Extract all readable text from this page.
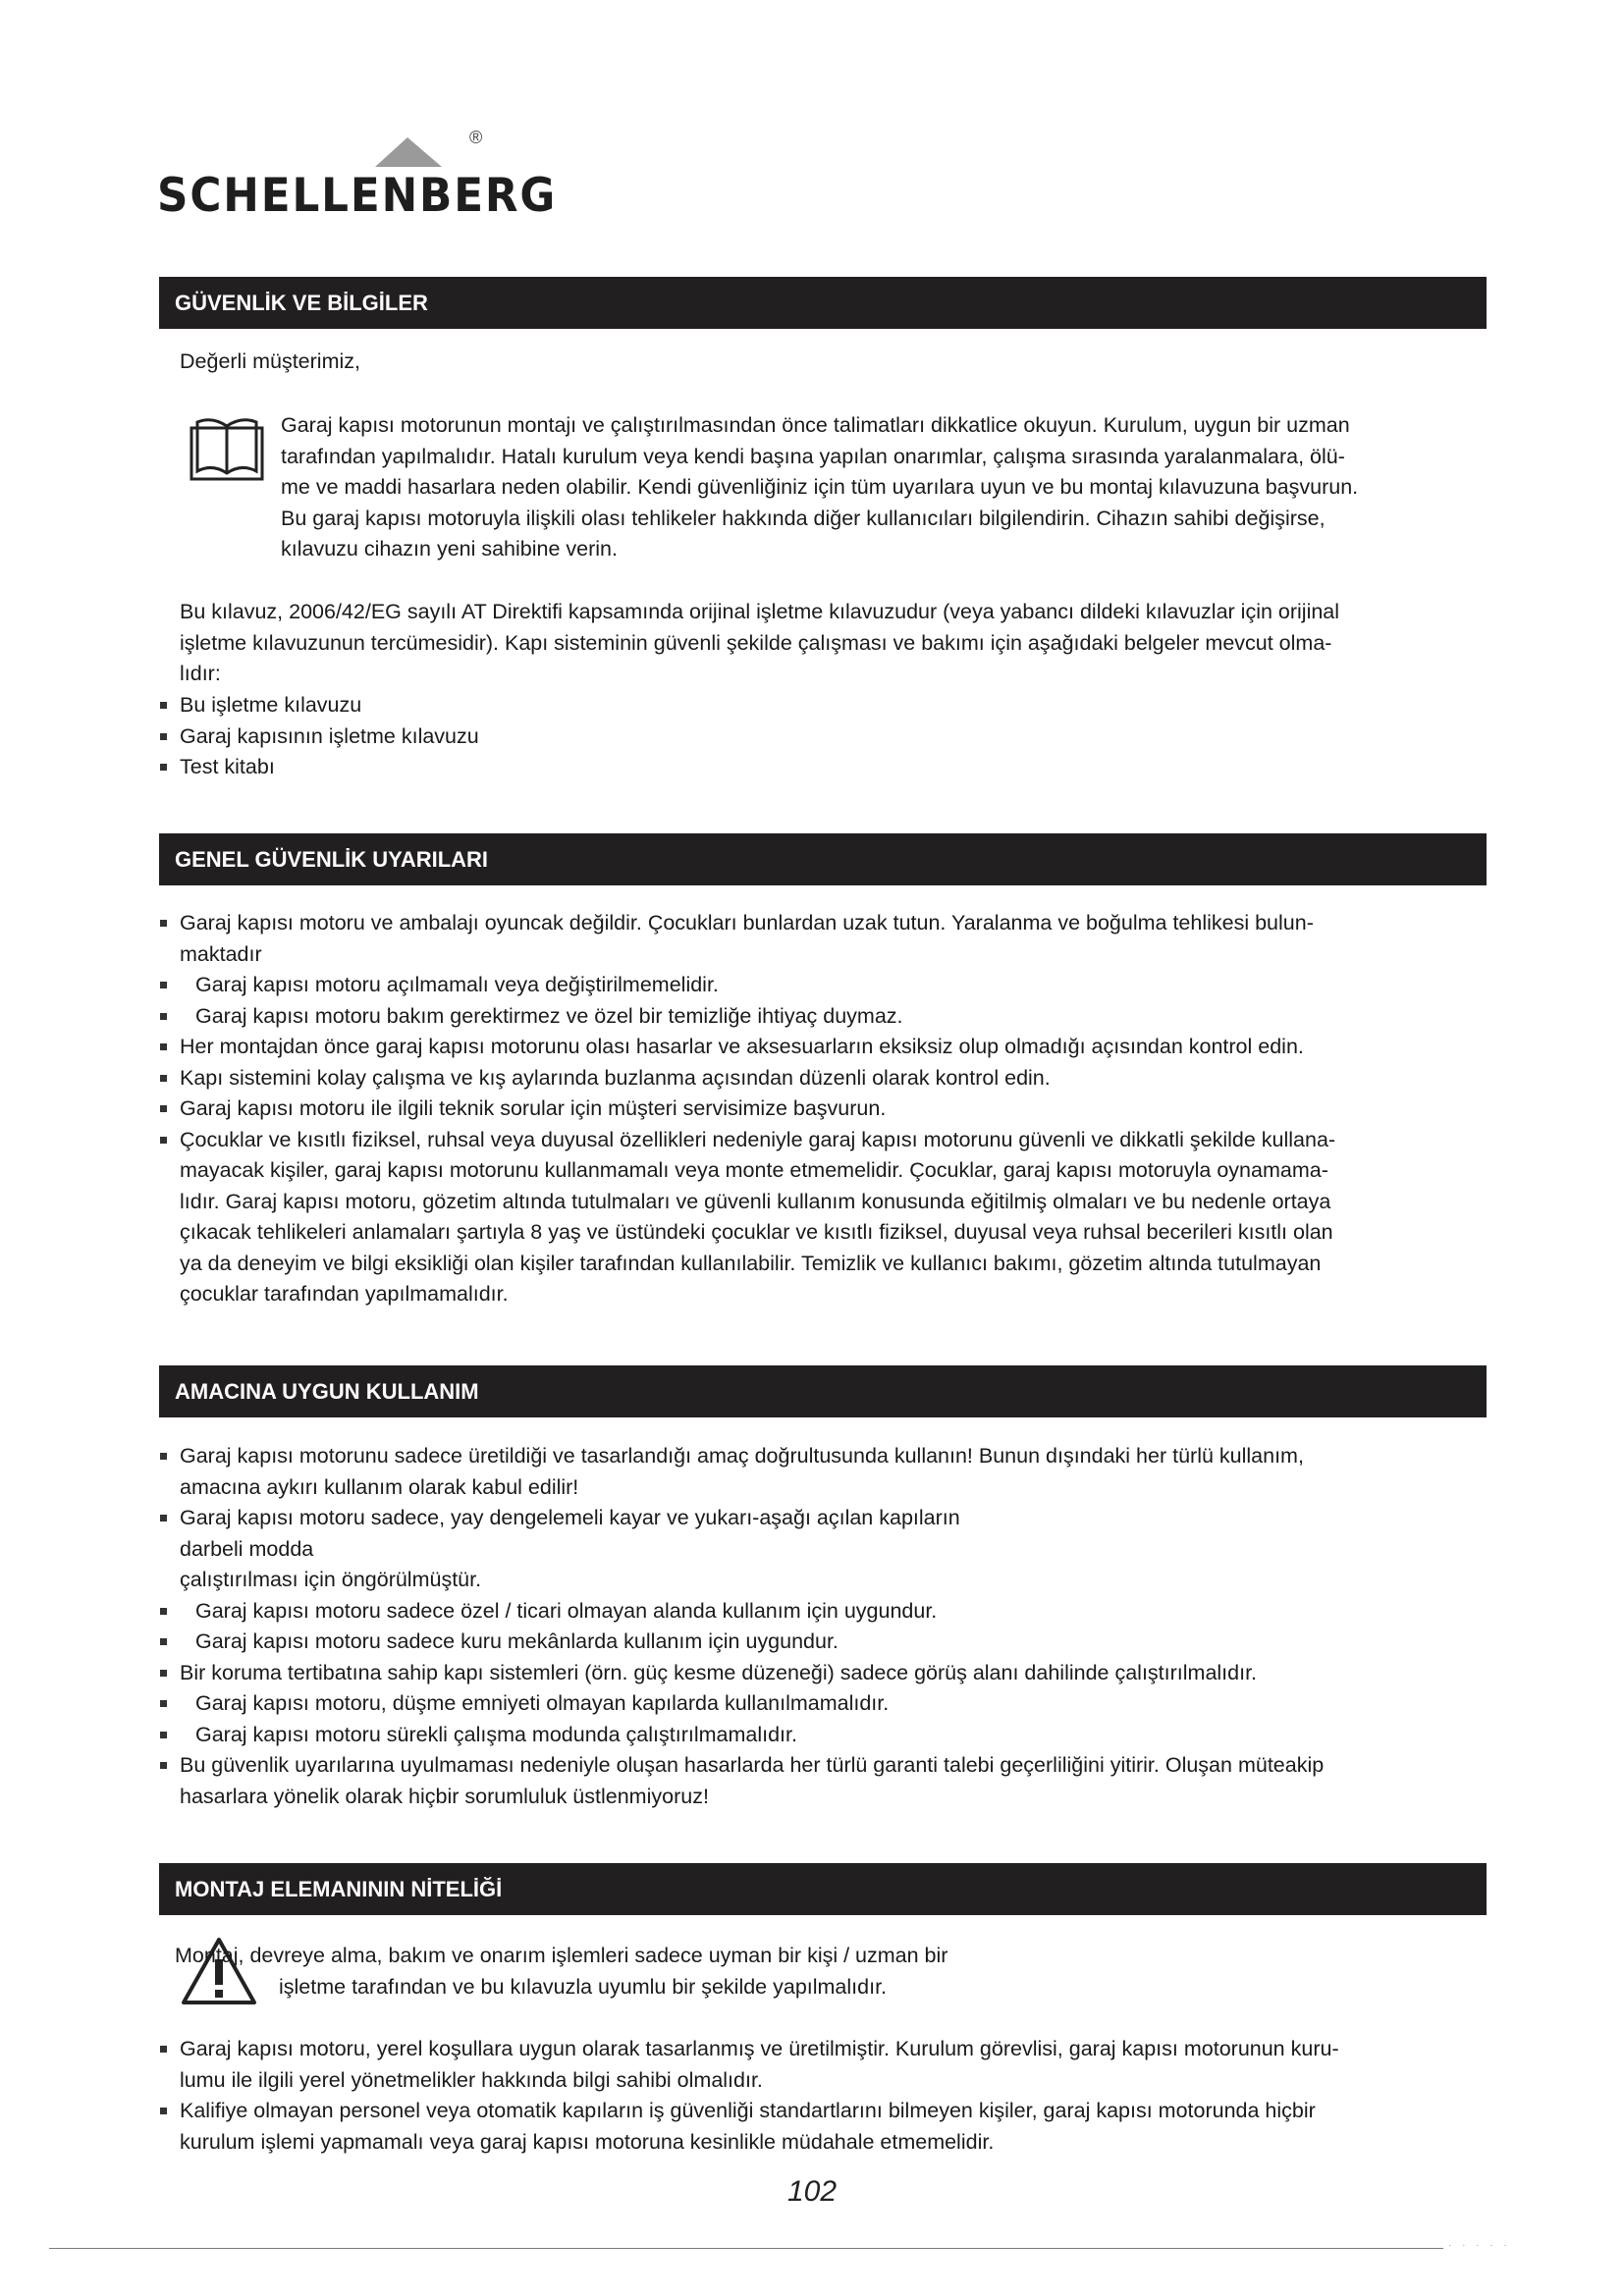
®
SCHELLENBERG
GÜVENLİK VE BİLGİLER

Değerli müşterimiz,

Garaj kapısı motorunun montajı ve çalıştırılmasından önce talimatları dikkatlice okuyun. Kurulum, uygun bir uzman
tarafından yapılmalıdır. Hatalı kurulum veya kendi başına yapılan onarımlar, çalışma sırasında yaralanmalara, ölü-
me ve maddi hasarlara neden olabilir. Kendi güvenliğiniz için tüm uyarılara uyun ve bu montaj kılavuzuna başvurun.
Bu garaj kapısı motoruyla ilişkili olası tehlikeler hakkında diğer kullanıcıları bilgilendirin. Cihazın sahibi değişirse,
kılavuzu cihazın yeni sahibine verin.
Bu kılavuz, 2006/42/EG sayılı AT Direktifi kapsamında orijinal işletme kılavuzudur (veya yabancı dildeki kılavuzlar için orijinal
işletme kılavuzunun tercümesidir). Kapı sisteminin güvenli şekilde çalışması ve bakımı için aşağıdaki belgeler mevcut olma-
lıdır:
Bu işletme kılavuzu
Garaj kapısının işletme kılavuzu
Test kitabı
GENEL GÜVENLİK UYARILARI
Garaj kapısı motoru ve ambalajı oyuncak değildir. Çocukları bunlardan uzak tutun. Yaralanma ve boğulma tehlikesi bulun-
maktadır
Garaj kapısı motoru açılmamalı veya değiştirilmemelidir.
Garaj kapısı motoru bakım gerektirmez ve özel bir temizliğe ihtiyaç duymaz.
Her montajdan önce garaj kapısı motorunu olası hasarlar ve aksesuarların eksiksiz olup olmadığı açısından kontrol edin.
Kapı sistemini kolay çalışma ve kış aylarında buzlanma açısından düzenli olarak kontrol edin.
Garaj kapısı motoru ile ilgili teknik sorular için müşteri servisimize başvurun.
Çocuklar ve kısıtlı fiziksel, ruhsal veya duyusal özellikleri nedeniyle garaj kapısı motorunu güvenli ve dikkatli şekilde kullana-
mayacak kişiler, garaj kapısı motorunu kullanmamalı veya monte etmemelidir. Çocuklar, garaj kapısı motoruyla oynamama-
lıdır. Garaj kapısı motoru, gözetim altında tutulmaları ve güvenli kullanım konusunda eğitilmiş olmaları ve bu nedenle ortaya
çıkacak tehlikeleri anlamaları şartıyla 8 yaş ve üstündeki çocuklar ve kısıtlı fiziksel, duyusal veya ruhsal becerileri kısıtlı olan
ya da deneyim ve bilgi eksikliği olan kişiler tarafından kullanılabilir. Temizlik ve kullanıcı bakımı, gözetim altında tutulmayan
çocuklar tarafından yapılmamalıdır.
AMACINA UYGUN KULLANIM
Garaj kapısı motorunu sadece üretildiği ve tasarlandığı amaç doğrultusunda kullanın! Bunun dışındaki her türlü kullanım,
amacına aykırı kullanım olarak kabul edilir!
Garaj kapısı motoru sadece, yay dengelemeli kayar ve yukarı-aşağı açılan kapıların
darbeli modda
çalıştırılması için öngörülmüştür.
Garaj kapısı motoru sadece özel / ticari olmayan alanda kullanım için uygundur.
Garaj kapısı motoru sadece kuru mekânlarda kullanım için uygundur.
Bir koruma tertibatına sahip kapı sistemleri (örn. güç kesme düzeneği) sadece görüş alanı dahilinde çalıştırılmalıdır.
Garaj kapısı motoru, düşme emniyeti olmayan kapılarda kullanılmamalıdır.
Garaj kapısı motoru sürekli çalışma modunda çalıştırılmamalıdır.
Bu güvenlik uyarılarına uyulmaması nedeniyle oluşan hasarlarda her türlü garanti talebi geçerliliğini yitirir. Oluşan müteakip
hasarlara yönelik olarak hiçbir sorumluluk üstlenmiyoruz!
MONTAJ ELEMANININ NİTELİĞİ
Montaj, devreye alma, bakım ve onarım işlemleri sadece uyman bir kişi / uzman bir
işletme tarafından ve bu kılavuzla uyumlu bir şekilde yapılmalıdır.
Garaj kapısı motoru, yerel koşullara uygun olarak tasarlanmış ve üretilmiştir. Kurulum görevlisi, garaj kapısı motorunun kuru-
lumu ile ilgili yerel yönetmelikler hakkında bilgi sahibi olmalıdır.
Kalifiye olmayan personel veya otomatik kapıların iş güvenliği standartlarını bilmeyen kişiler, garaj kapısı motorunda hiçbir
kurulum işlemi yapmamalı veya garaj kapısı motoruna kesinlikle müdahale etmemelidir.
102
· · · · ·
